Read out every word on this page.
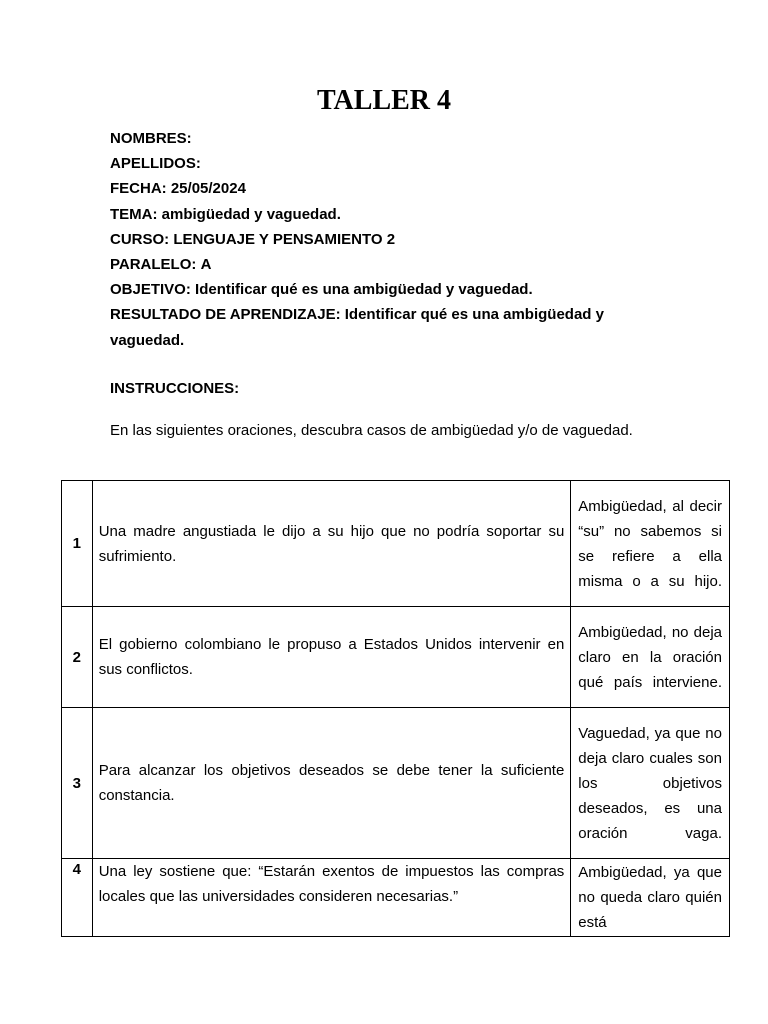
TALLER 4
NOMBRES:
APELLIDOS:
FECHA: 25/05/2024
TEMA: ambigüedad y vaguedad.
CURSO: LENGUAJE Y PENSAMIENTO 2
PARALELO: A
OBJETIVO: Identificar qué es una ambigüedad y vaguedad.
RESULTADO DE APRENDIZAJE: Identificar qué es una ambigüedad y vaguedad.
INSTRUCCIONES:
En las siguientes oraciones, descubra casos de ambigüedad y/o de vaguedad.
1	Una madre angustiada le dijo a su hijo que no podría soportar su sufrimiento.	Ambigüedad, al decir “su” no sabemos si se refiere a ella misma o a su hijo.
2	El gobierno colombiano le propuso a Estados Unidos intervenir en sus conflictos.	Ambigüedad, no deja claro en la oración qué país interviene.
3	Para alcanzar los objetivos deseados se debe tener la suficiente constancia.	Vaguedad, ya que no deja claro cuales son los objetivos deseados, es una oración vaga.
4	Una ley sostiene que: “Estarán exentos de impuestos las compras locales que las universidades consideren necesarias.”	Ambigüedad, ya que no queda claro quién está
